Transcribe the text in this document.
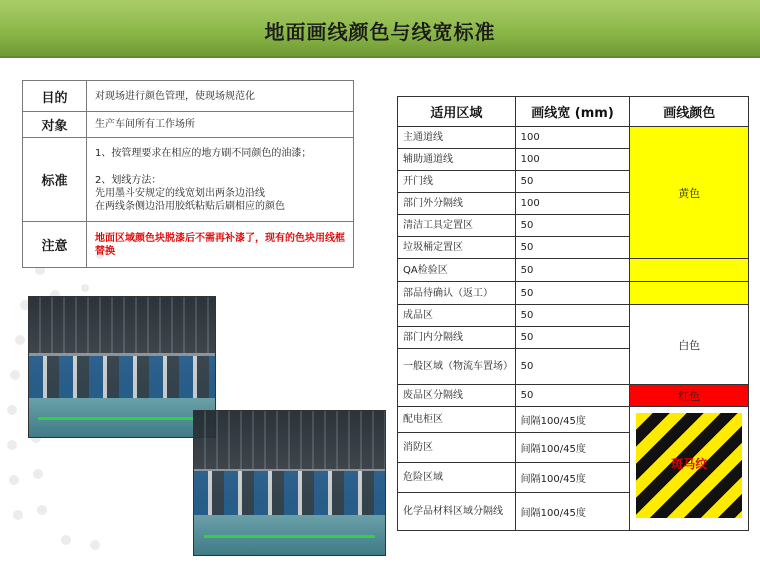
地面画线颜色与线宽标准
目的	对现场进行颜色管理，使现场规范化
对象	生产车间所有工作场所
标准	1、按管理要求在相应的地方刷不同颜色的油漆；
2、划线方法：
先用墨斗安规定的线宽划出两条边沿线
在两线条侧边沿用胶纸粘贴后刷相应的颜色

注意	地面区域颜色块脱漆后不需再补漆了，现有的色块用线框替换
适用区域	画线宽 (mm)	画线颜色
主通道线	100	黄色
辅助通道线	100	
开门线	50	
部门外分隔线	100	
清洁工具定置区	50	
垃圾桶定置区	50	
QA检验区	50	
部品待确认（返工）	50	
成品区	50	白色
部门内分隔线	50	
一般区域（物流车置场）	50	
废品区分隔线	50	红色
配电柜区	间隔100/45度	斑马纹

消防区	间隔100/45度	
危险区域	间隔100/45度	
化学品材料区域分隔线	间隔100/45度	
